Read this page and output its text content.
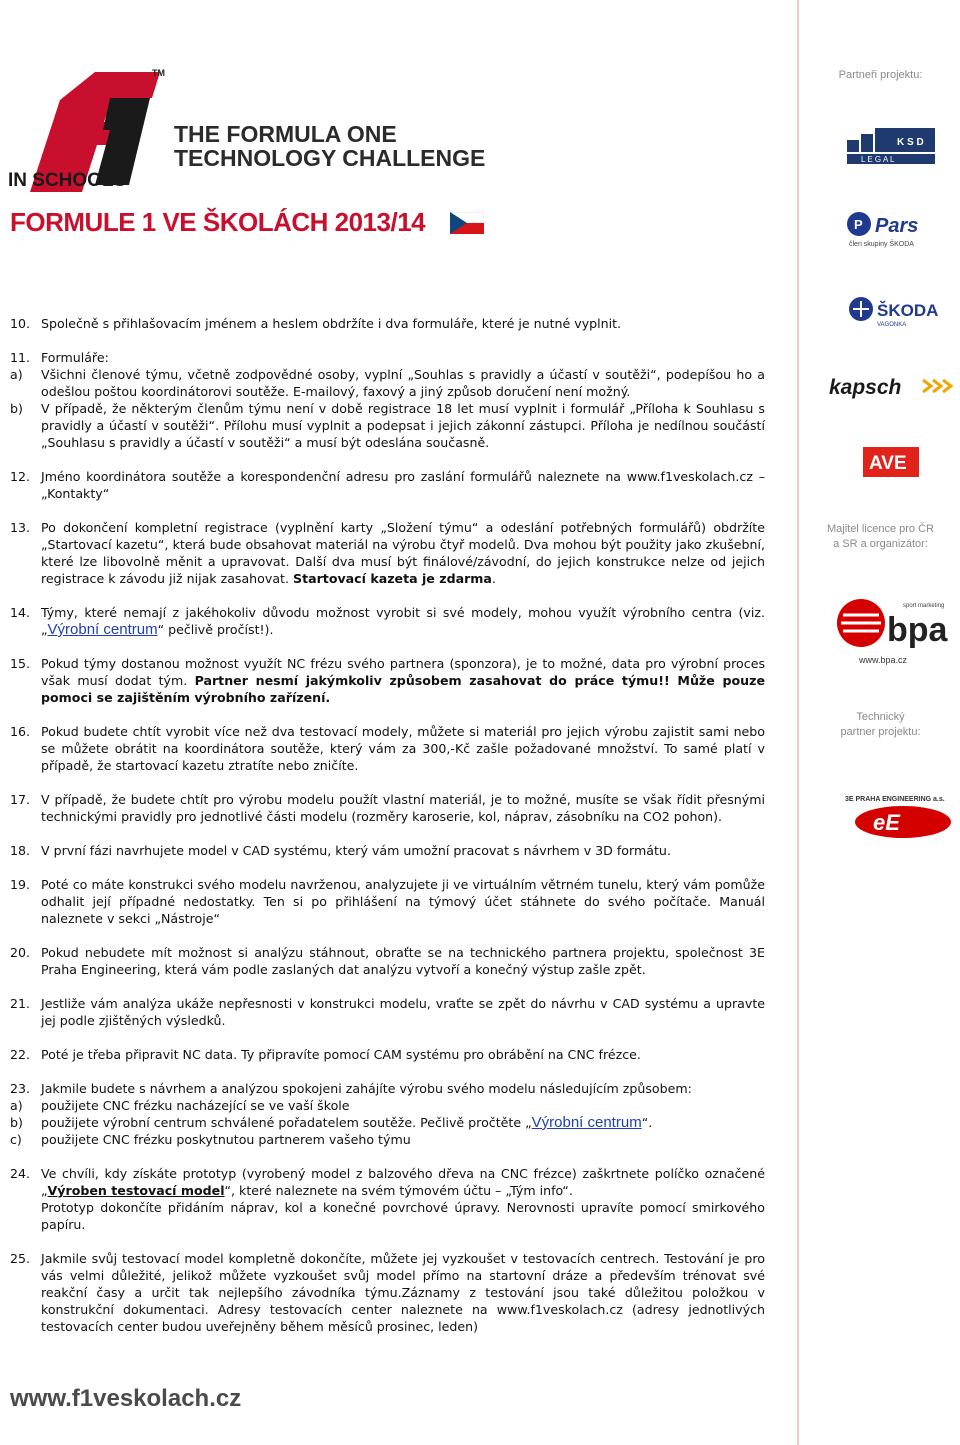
TM
IN SCHOOLS
THE FORMULA ONE
TECHNOLOGY CHALLENGE
FORMULE 1 VE ŠKOLÁCH 2013/14
Partneři projektu:
K S D
L E G A L
P Pars
člen skupiny ŠKODA
ŠKODA
VAGONKA
kapsch
AVE
Majitel licence pro ČR a SR a organizátor:
sport marketing
bpa
www.bpa.cz
Technický partner projektu:
3E PRAHA ENGINEERING a.s.
eE
10. Společně s přihlašovacím jménem a heslem obdržíte i dva formuláře, které je nutné vyplnit.
11. Formuláře:
a)	Všichni členové týmu, včetně zodpovědné osoby, vyplní „Souhlas s pravidly a účastí v soutěži“, podepíšou ho a odešlou poštou koordinátorovi soutěže. E-mailový, faxový a jiný způsob doručení není možný.
b)	V případě, že některým členům týmu není v době registrace 18 let musí vyplnit i formulář „Příloha k Souhlasu s pravidly a účastí v soutěži“. Přílohu musí vyplnit a podepsat i jejich zákonní zástupci. Příloha je nedílnou součástí „Souhlasu s pravidly a účastí v soutěži“ a musí být odeslána současně.
12. Jméno koordinátora soutěže a korespondenční adresu pro zaslání formulářů naleznete na www.f1veskolach.cz – „Kontakty“
13. Po dokončení kompletní registrace (vyplnění karty „Složení týmu“ a odeslání potřebných formulářů) obdržíte „Startovací kazetu“, která bude obsahovat materiál na výrobu čtyř modelů. Dva mohou být použity jako zkušební, které lze libovolně měnit a upravovat. Další dva musí být finálové/závodní, do jejich konstrukce nelze od jejich registrace k závodu již nijak zasahovat. Startovací kazeta je zdarma.
14. Týmy, které nemají z jakéhokoliv důvodu možnost vyrobit si své modely, mohou využít výrobního centra (viz. „Výrobní centrum“ pečlivě pročíst!).
15. Pokud týmy dostanou možnost využít NC frézu svého partnera (sponzora), je to možné, data pro výrobní proces však musí dodat tým. Partner nesmí jakýmkoliv způsobem zasahovat do práce týmu!! Může pouze pomoci se zajištěním výrobního zařízení.
16. Pokud budete chtít vyrobit více než dva testovací modely, můžete si materiál pro jejich výrobu zajistit sami nebo se můžete obrátit na koordinátora soutěže, který vám za 300,-Kč zašle požadované množství. To samé platí v případě, že startovací kazetu ztratíte nebo zničíte.
17. V případě, že budete chtít pro výrobu modelu použít vlastní materiál, je to možné, musíte se však řídit přesnými technickými pravidly pro jednotlivé části modelu (rozměry karoserie, kol, náprav, zásobníku na CO2 pohon).
18. V první fázi navrhujete model v CAD systému, který vám umožní pracovat s návrhem v 3D formátu.
19. Poté co máte konstrukci svého modelu navrženou, analyzujete ji ve virtuálním větrném tunelu, který vám pomůže odhalit její případné nedostatky. Ten si po přihlášení na týmový účet stáhnete do svého počítače. Manuál naleznete v sekci „Nástroje“
20. Pokud nebudete mít možnost si analýzu stáhnout, obraťte se na technického partnera projektu, společnost 3E Praha Engineering, která vám podle zaslaných dat analýzu vytvoří a konečný výstup zašle zpět.
21. Jestliže vám analýza ukáže nepřesnosti v konstrukci modelu, vraťte se zpět do návrhu v CAD systému a upravte jej podle zjištěných výsledků.
22. Poté je třeba připravit NC data. Ty připravíte pomocí CAM systému pro obrábění na CNC frézce.
23. Jakmile budete s návrhem a analýzou spokojeni zahájíte výrobu svého modelu následujícím způsobem:
a)	použijete CNC frézku nacházející se ve vaší škole
b)	použijete výrobní centrum schválené pořadatelem soutěže. Pečlivě pročtěte „Výrobní centrum“.
c)	použijete CNC frézku poskytnutou partnerem vašeho týmu
24. Ve chvíli, kdy získáte prototyp (vyrobený model z balzového dřeva na CNC frézce) zaškrtnete políčko označené „Výroben testovací model“, které naleznete na svém týmovém účtu – „Tým info“.
Prototyp dokončíte přidáním náprav, kol a konečné povrchové úpravy. Nerovnosti upravíte pomocí smirkového papíru.
25. Jakmile svůj testovací model kompletně dokončíte, můžete jej vyzkoušet v testovacích centrech. Testování je pro vás velmi důležité, jelikož můžete vyzkoušet svůj model přímo na startovní dráze a především trénovat své reakční časy a určit tak nejlepšího závodníka týmu.Záznamy z testování jsou také důležitou položkou v konstrukční dokumentaci. Adresy testovacích center naleznete na www.f1veskolach.cz (adresy jednotlivých testovacích center budou uveřejněny během měsíců prosinec, leden)
www.f1veskolach.cz
